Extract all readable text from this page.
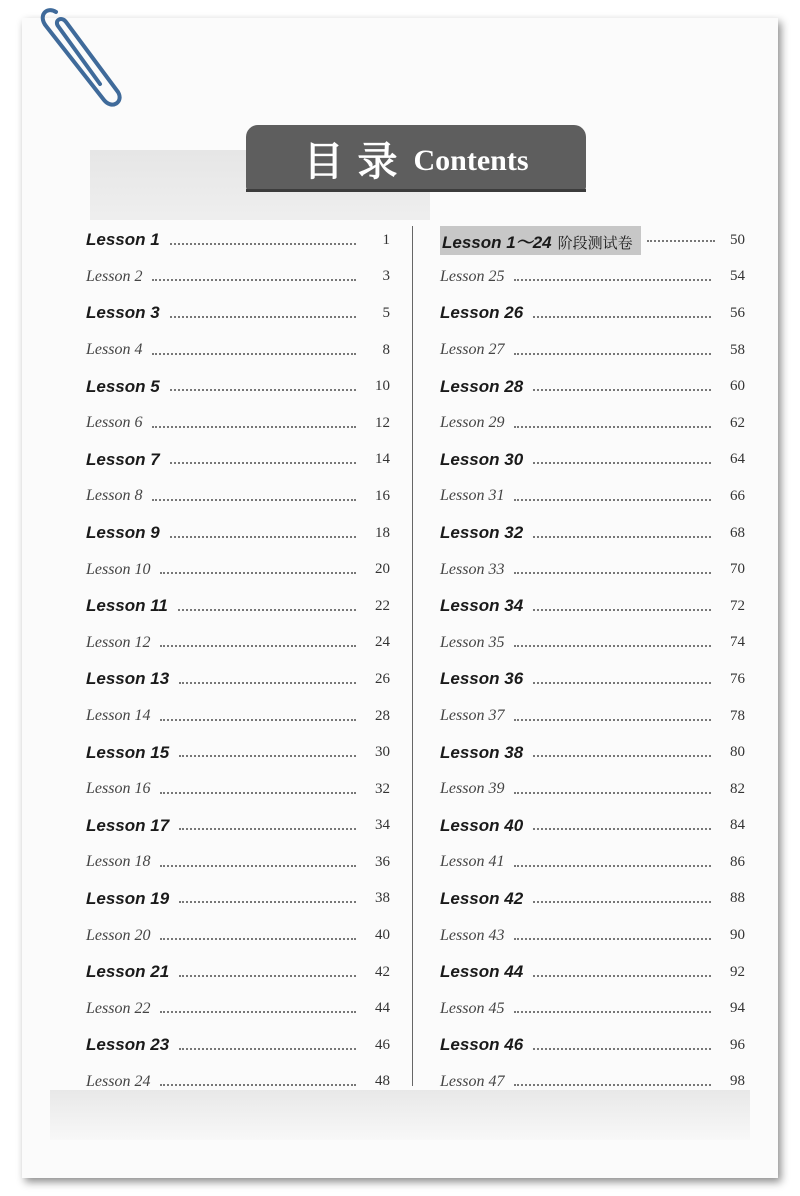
目录 Contents
Lesson 1	1
Lesson 2	3
Lesson 3	5
Lesson 4	8
Lesson 5	10
Lesson 6	12
Lesson 7	14
Lesson 8	16
Lesson 9	18
Lesson 10	20
Lesson 11	22
Lesson 12	24
Lesson 13	26
Lesson 14	28
Lesson 15	30
Lesson 16	32
Lesson 17	34
Lesson 18	36
Lesson 19	38
Lesson 20	40
Lesson 21	42
Lesson 22	44
Lesson 23	46
Lesson 24	48
Lesson 1～24 阶段测试卷	50
Lesson 25	54
Lesson 26	56
Lesson 27	58
Lesson 28	60
Lesson 29	62
Lesson 30	64
Lesson 31	66
Lesson 32	68
Lesson 33	70
Lesson 34	72
Lesson 35	74
Lesson 36	76
Lesson 37	78
Lesson 38	80
Lesson 39	82
Lesson 40	84
Lesson 41	86
Lesson 42	88
Lesson 43	90
Lesson 44	92
Lesson 45	94
Lesson 46	96
Lesson 47	98
